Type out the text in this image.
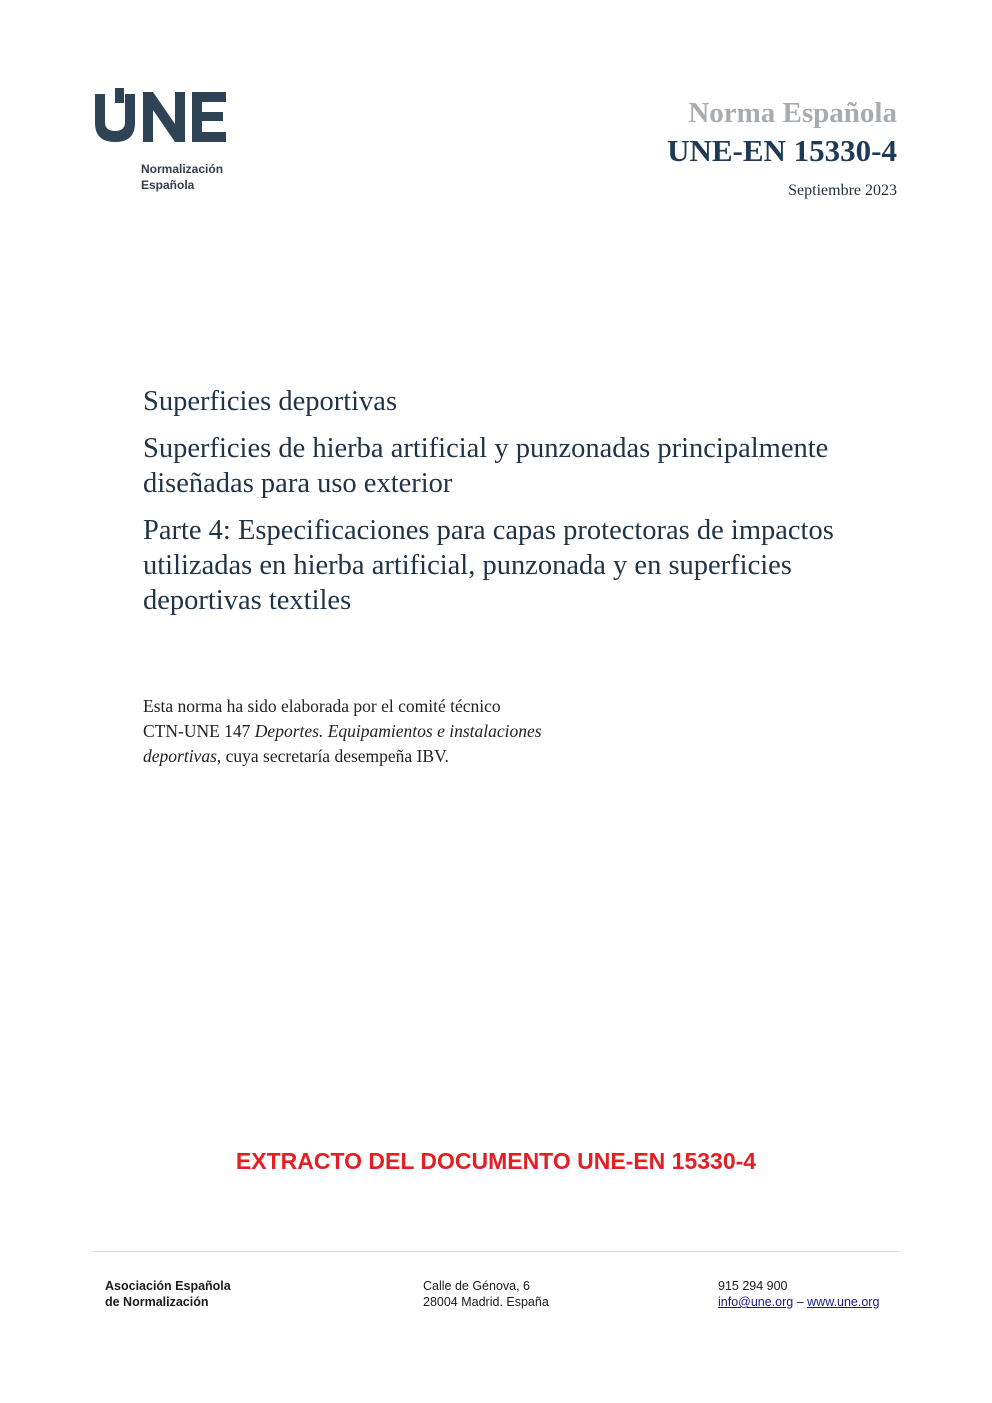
Normalización
Española
Norma Española
UNE-EN 15330-4
Septiembre 2023

Superficies deportivas

Superficies de hierba artificial y punzonadas principalmente diseñadas para uso exterior

Parte 4: Especificaciones para capas protectoras de impactos utilizadas en hierba artificial, punzonada y en superficies deportivas textiles

Esta norma ha sido elaborada por el comité técnico

CTN-UNE 147 Deportes. Equipamientos e instalaciones deportivas, cuya secretaría desempeña IBV.

EXTRACTO DEL DOCUMENTO UNE-EN 15330-4
Asociación Española
de Normalización
Calle de Génova, 6
28004 Madrid. España
915 294 900
info@une.org – www.une.org
